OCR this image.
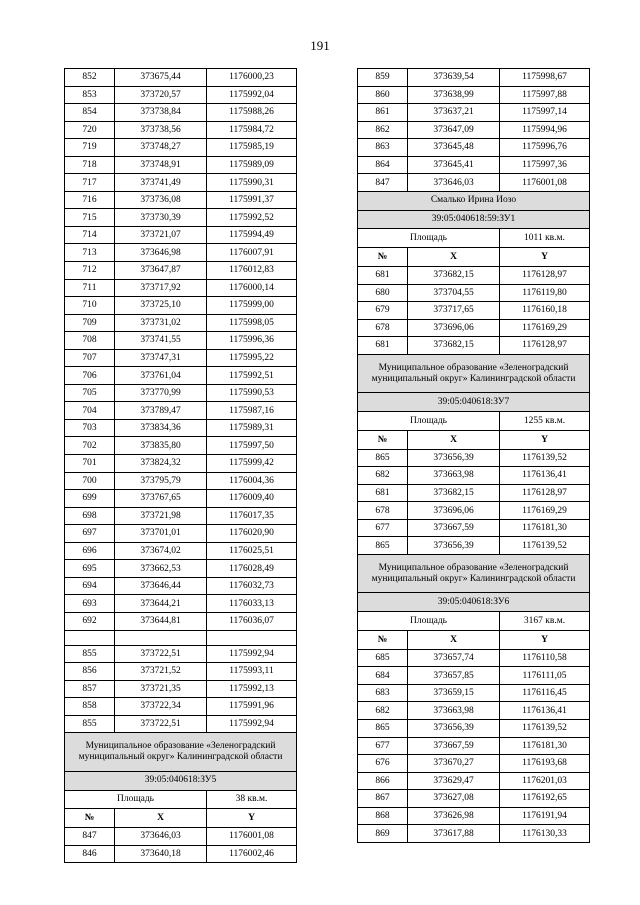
191
852	373675,44	1176000,23
853	373720,57	1175992,04
854	373738,84	1175988,26
720	373738,56	1175984,72
719	373748,27	1175985,19
718	373748,91	1175989,09
717	373741,49	1175990,31
716	373736,08	1175991,37
715	373730,39	1175992,52
714	373721,07	1175994,49
713	373646,98	1176007,91
712	373647,87	1176012,83
711	373717,92	1176000,14
710	373725,10	1175999,00
709	373731,02	1175998,05
708	373741,55	1175996,36
707	373747,31	1175995,22
706	373761,04	1175992,51
705	373770,99	1175990,53
704	373789,47	1175987,16
703	373834,36	1175989,31
702	373835,80	1175997,50
701	373824,32	1175999,42
700	373795,79	1176004,36
699	373767,65	1176009,40
698	373721,98	1176017,35
697	373701,01	1176020,90
696	373674,02	1176025,51
695	373662,53	1176028,49
694	373646,44	1176032,73
693	373644,21	1176033,13
692	373644,81	1176036,07

855	373722,51	1175992,94
856	373721,52	1175993,11
857	373721,35	1175992,13
858	373722,34	1175991,96
855	373722,51	1175992,94
Муниципальное образование «Зеленоградский муниципальный округ» Калининградской области		
39:05:040618:ЗУ5		
Площадь		38 кв.м.
№	X	Y
847	373646,03	1176001,08
846	373640,18	1176002,46
859	373639,54	1175998,67
860	373638,99	1175997,88
861	373637,21	1175997,14
862	373647,09	1175994,96
863	373645,48	1175996,76
864	373645,41	1175997,36
847	373646,03	1176001,08
Смалько Ирина Иозо		
39:05:040618:59:ЗУ1		
Площадь		1011 кв.м.
№	X	Y
681	373682,15	1176128,97
680	373704,55	1176119,80
679	373717,65	1176160,18
678	373696,06	1176169,29
681	373682,15	1176128,97
Муниципальное образование «Зеленоградский муниципальный округ» Калининградской области		
39:05:040618:ЗУ7		
Площадь		1255 кв.м.
№	X	Y
865	373656,39	1176139,52
682	373663,98	1176136,41
681	373682,15	1176128,97
678	373696,06	1176169,29
677	373667,59	1176181,30
865	373656,39	1176139,52
Муниципальное образование «Зеленоградский муниципальный округ» Калининградской области		
39:05:040618:ЗУ6		
Площадь		3167 кв.м.
№	X	Y
685	373657,74	1176110,58
684	373657,85	1176111,05
683	373659,15	1176116,45
682	373663,98	1176136,41
865	373656,39	1176139,52
677	373667,59	1176181,30
676	373670,27	1176193,68
866	373629,47	1176201,03
867	373627,08	1176192,65
868	373626,98	1176191,94
869	373617,88	1176130,33
